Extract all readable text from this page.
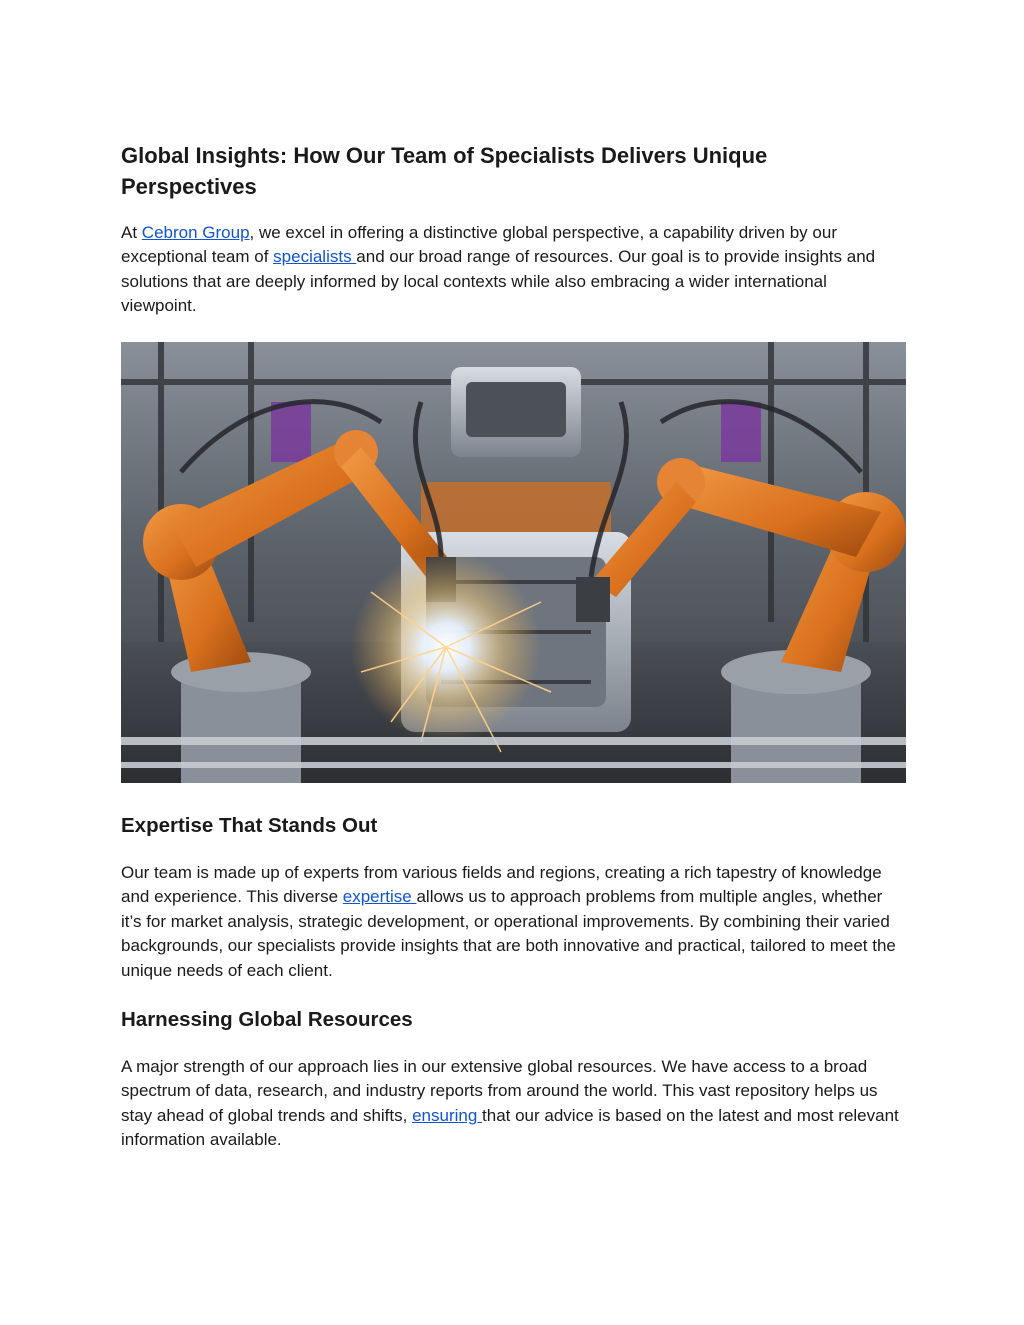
Global Insights: How Our Team of Specialists Delivers Unique Perspectives

At Cebron Group, we excel in offering a distinctive global perspective, a capability driven by our exceptional team of specialists and our broad range of resources. Our goal is to provide insights and solutions that are deeply informed by local contexts while also embracing a wider international viewpoint.

Expertise That Stands Out

Our team is made up of experts from various fields and regions, creating a rich tapestry of knowledge and experience. This diverse expertise allows us to approach problems from multiple angles, whether it’s for market analysis, strategic development, or operational improvements. By combining their varied backgrounds, our specialists provide insights that are both innovative and practical, tailored to meet the unique needs of each client.

Harnessing Global Resources

A major strength of our approach lies in our extensive global resources. We have access to a broad spectrum of data, research, and industry reports from around the world. This vast repository helps us stay ahead of global trends and shifts, ensuring that our advice is based on the latest and most relevant information available.
